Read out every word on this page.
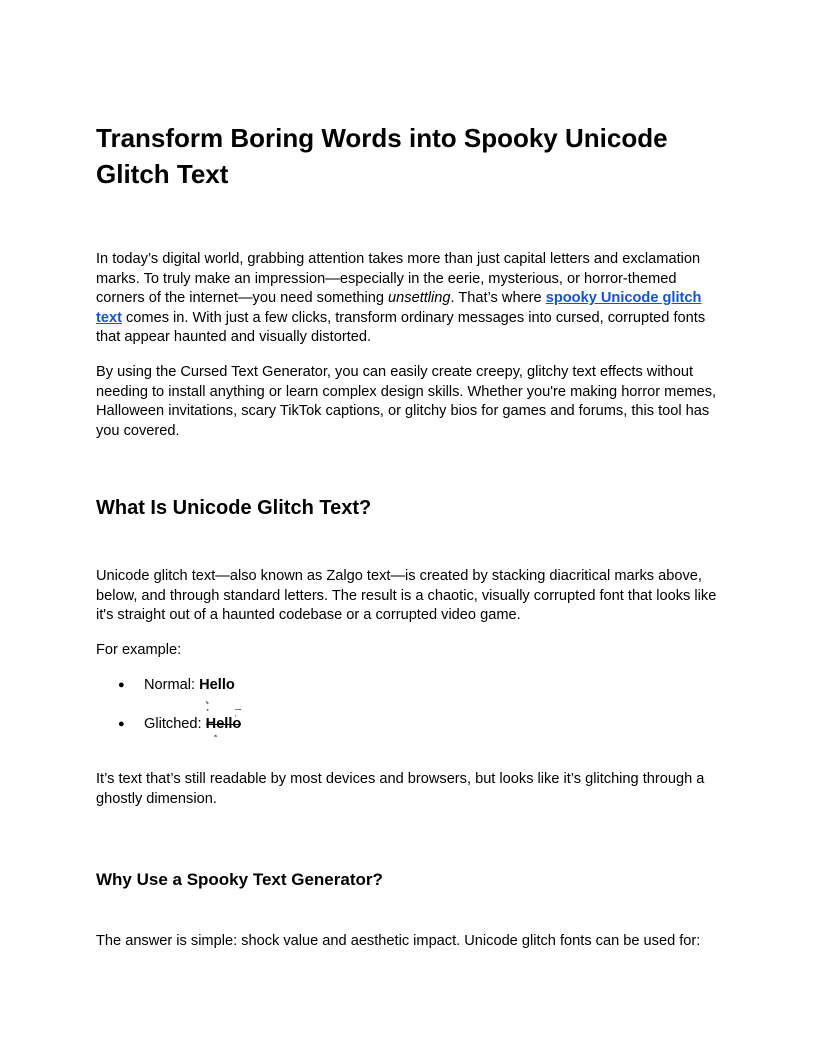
Transform Boring Words into Spooky Unicode Glitch Text

In today’s digital world, grabbing attention takes more than just capital letters and exclamation marks. To truly make an impression—especially in the eerie, mysterious, or horror-themed corners of the internet—you need something unsettling. That’s where spooky Unicode glitch text comes in. With just a few clicks, transform ordinary messages into cursed, corrupted fonts that appear haunted and visually distorted.

By using the Cursed Text Generator, you can easily create creepy, glitchy text effects without needing to install anything or learn complex design skills. Whether you're making horror memes, Halloween invitations, scary TikTok captions, or glitchy bios for games and forums, this tool has you covered.

What Is Unicode Glitch Text?

Unicode glitch text—also known as Zalgo text—is created by stacking diacritical marks above, below, and through standard letters. The result is a chaotic, visually corrupted font that looks like it's straight out of a haunted codebase or a corrupted video game.

For example:

● Normal: Hello
● Glitched: Hello

It’s text that’s still readable by most devices and browsers, but looks like it’s glitching through a ghostly dimension.

Why Use a Spooky Text Generator?

The answer is simple: shock value and aesthetic impact. Unicode glitch fonts can be used for:
